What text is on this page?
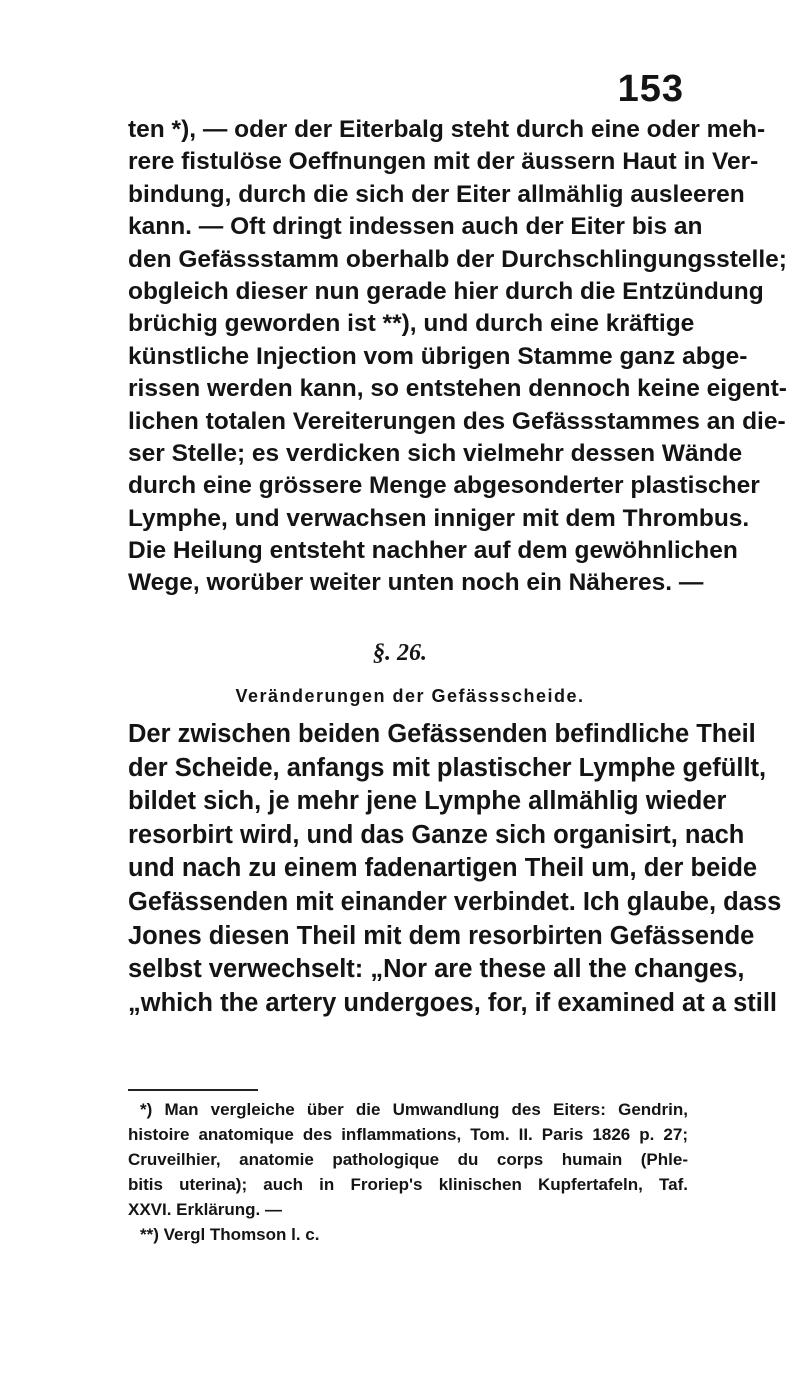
153
ten *), — oder der Eiterbalg steht durch eine oder meh-
rere fistulöse Oeffnungen mit der äussern Haut in Ver-
bindung, durch die sich der Eiter allmählig ausleeren
kann. — Oft dringt indessen auch der Eiter bis an
den Gefässstamm oberhalb der Durchschlingungsstelle;
obgleich dieser nun gerade hier durch die Entzündung
brüchig geworden ist **), und durch eine kräftige
künstliche Injection vom übrigen Stamme ganz abge-
rissen werden kann, so entstehen dennoch keine eigent-
lichen totalen Vereiterungen des Gefässstammes an die-
ser Stelle; es verdicken sich vielmehr dessen Wände
durch eine grössere Menge abgesonderter plastischer
Lymphe, und verwachsen inniger mit dem Thrombus.
Die Heilung entsteht nachher auf dem gewöhnlichen
Wege, worüber weiter unten noch ein Näheres. —
§. 26.
Veränderungen der Gefässscheide.
Der zwischen beiden Gefässenden befindliche Theil
der Scheide, anfangs mit plastischer Lymphe gefüllt,
bildet sich, je mehr jene Lymphe allmählig wieder
resorbirt wird, und das Ganze sich organisirt, nach
und nach zu einem fadenartigen Theil um, der beide
Gefässenden mit einander verbindet. Ich glaube, dass
Jones diesen Theil mit dem resorbirten Gefässende
selbst verwechselt: „Nor are these all the changes,
„which the artery undergoes, for, if examined at a still
*) Man vergleiche über die Umwandlung des Eiters: Gendrin,
histoire anatomique des inflammations, Tom. II. Paris 1826 p. 27;
Cruveilhier, anatomie pathologique du corps humain (Phle-
bitis uterina); auch in Froriep's klinischen Kupfertafeln, Taf.
XXVI. Erklärung. —
**) Vergl Thomson l. c.
